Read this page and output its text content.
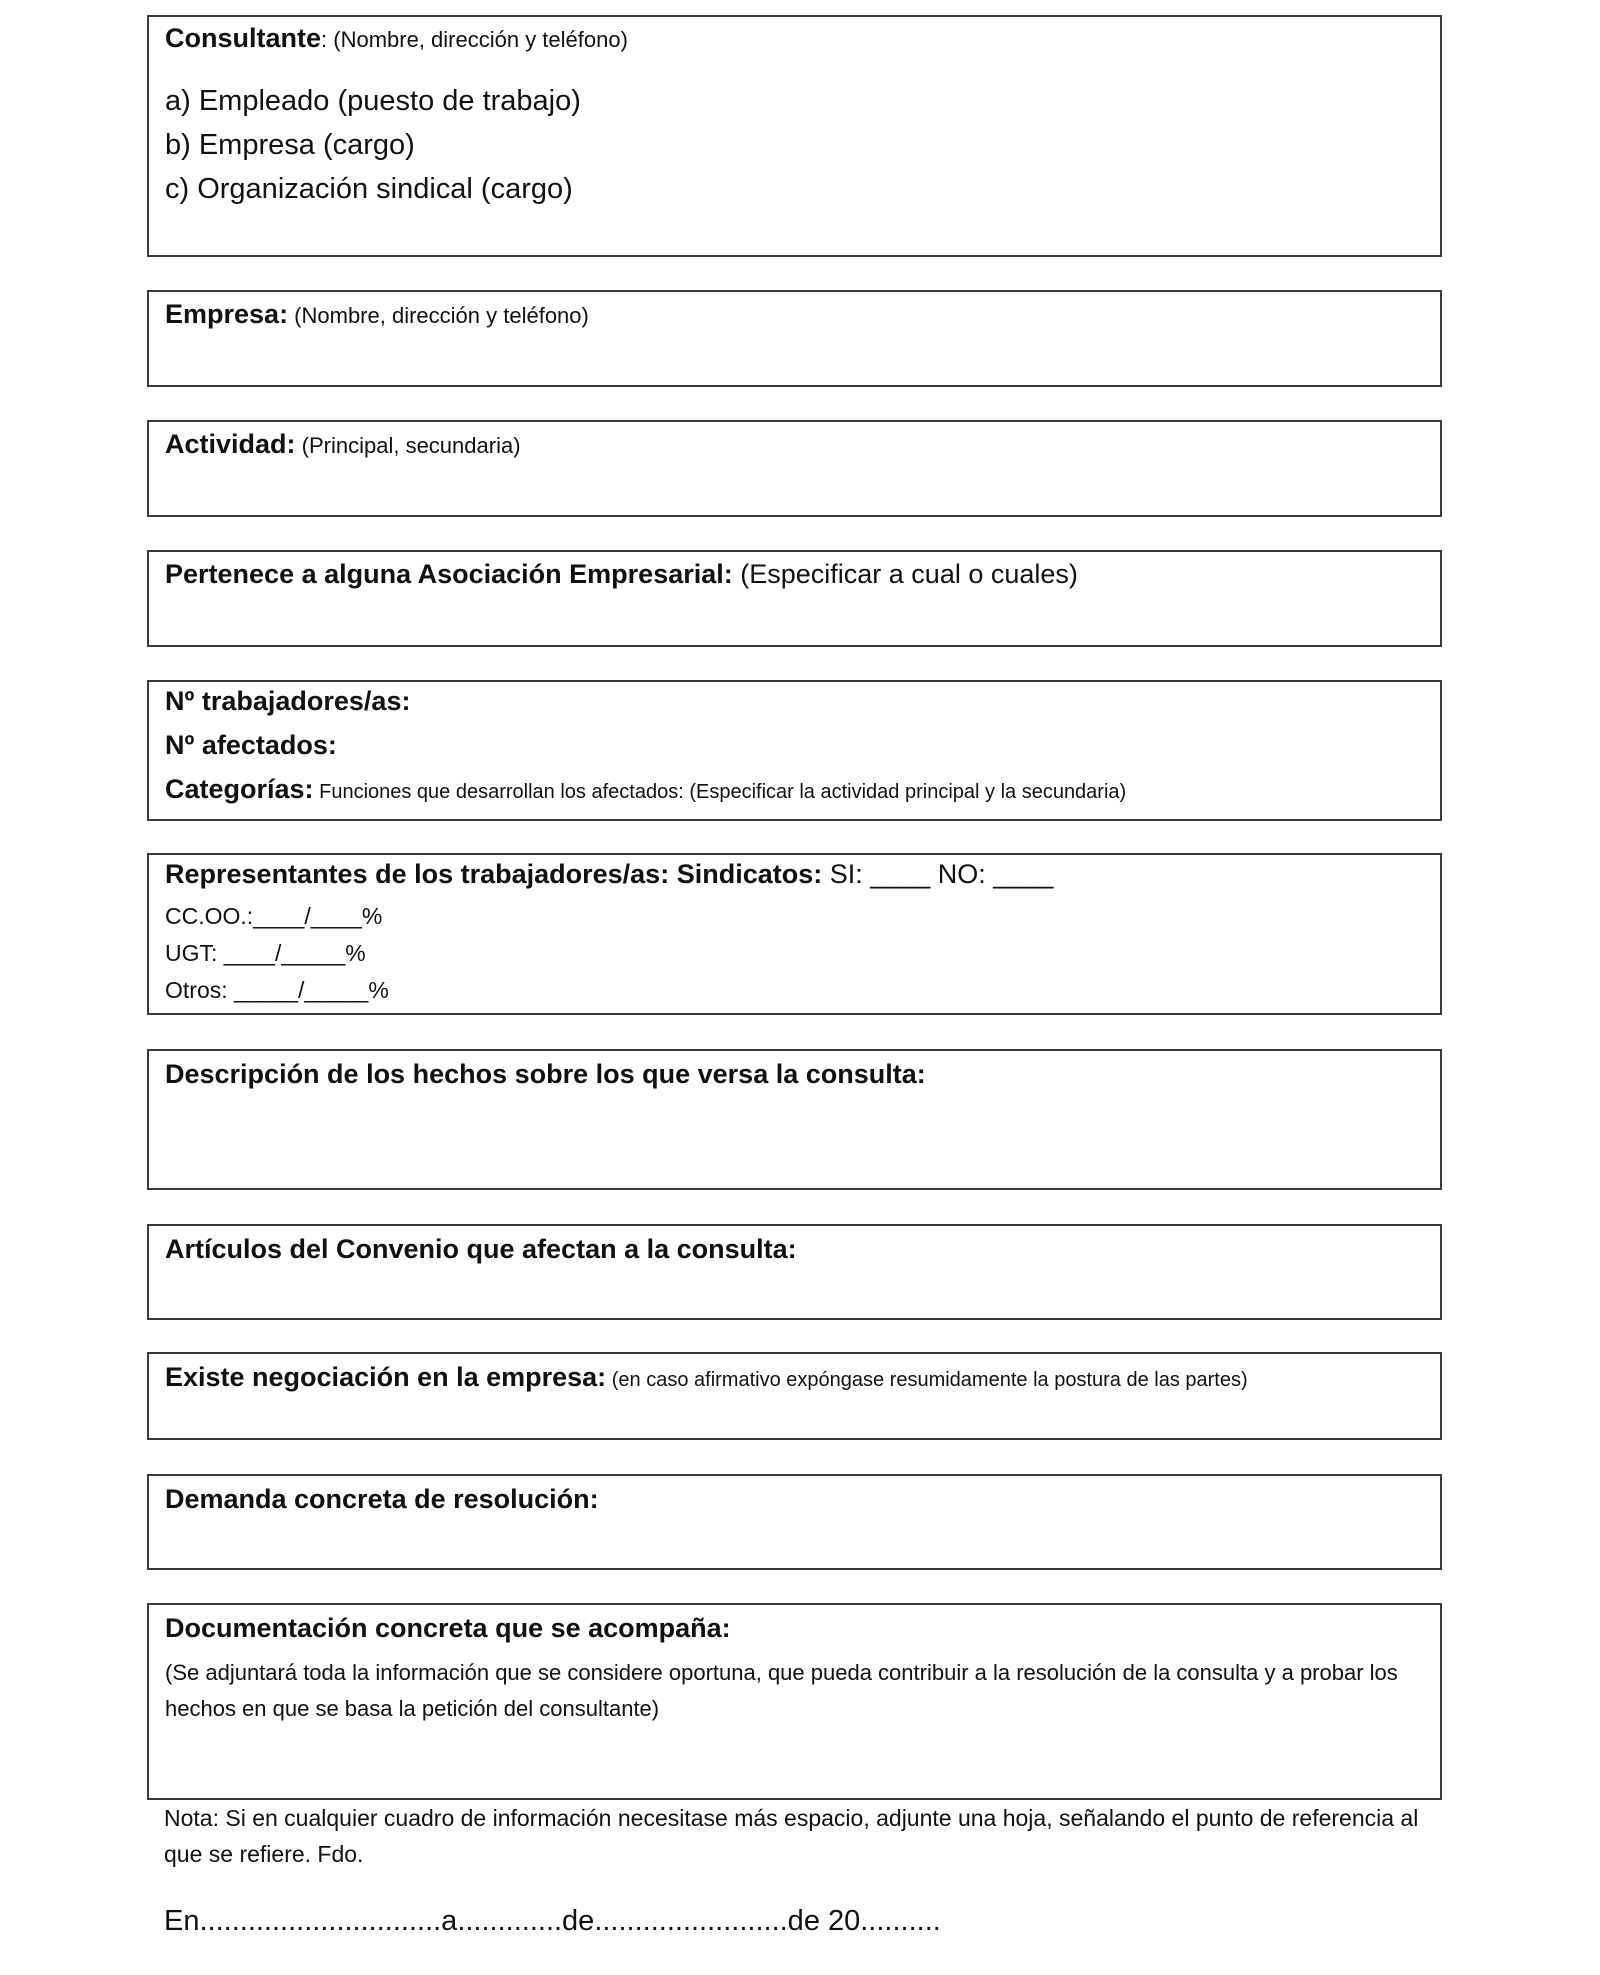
Consultante: (Nombre, dirección y teléfono)
a) Empleado (puesto de trabajo)
b) Empresa (cargo)
c) Organización sindical (cargo)
Empresa: (Nombre, dirección y teléfono)
Actividad: (Principal, secundaria)
Pertenece a alguna Asociación Empresarial: (Especificar a cual o cuales)
Nº trabajadores/as:
Nº afectados:
Categorías: Funciones que desarrollan los afectados: (Especificar la actividad principal y la secundaria)
Representantes de los trabajadores/as: Sindicatos: SI: ____ NO: ____
CC.OO.:____/____%
UGT: ____/_____%
Otros: _____/_____%
Descripción de los hechos sobre los que versa la consulta:
Artículos del Convenio que afectan a la consulta:
Existe negociación en la empresa: (en caso afirmativo expóngase resumidamente la postura de las partes)
Demanda concreta de resolución:
Documentación concreta que se acompaña:
(Se adjuntará toda la información que se considere oportuna, que pueda contribuir a la resolución de la consulta y a probar los hechos en que se basa la petición del consultante)
Nota: Si en cualquier cuadro de información necesitase más espacio, adjunte una hoja, señalando el punto de referencia al que se refiere. Fdo.
En..............................a.............de........................de 20..........
